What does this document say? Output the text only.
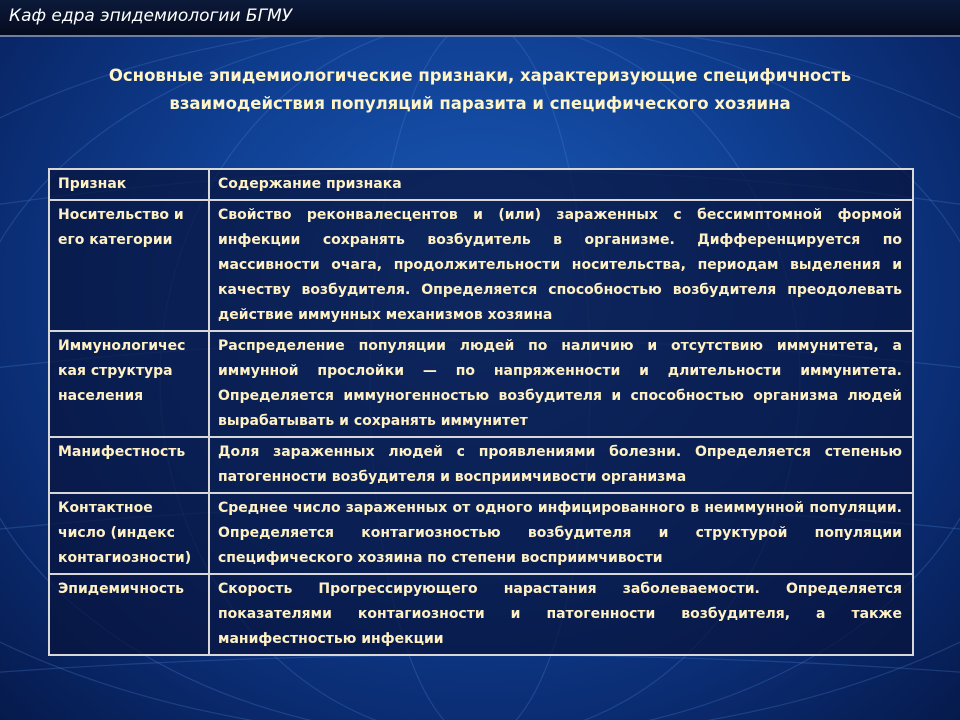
Каф едра эпидемиологии БГМУ
Основные эпидемиологические признаки, характеризующие специфичность
взаимодействия популяций паразита и специфического хозяина
Признак	Содержание признака
Носительство и его категории	Свойство реконвалесцентов и (или) зараженных с бессимптомной формой инфекции сохранять возбудитель в организме. Дифференцируется по массивности очага, продолжительности носительства, периодам выделения и качеству возбудителя. Определяется способностью возбудителя преодолевать действие иммунных механизмов хозяина
Иммунологичес кая структура населения	Распределение популяции людей по наличию и отсутствию иммунитета, а иммунной прослойки — по напряженности и длительности иммунитета. Определяется иммуногенностью возбудителя и способностью организма людей вырабатывать и сохранять иммунитет
Манифестность	Доля зараженных людей с проявлениями болезни. Определяется степенью патогенности возбудителя и восприимчивости организма
Контактное число (индекс контагиозности)	Среднее число зараженных от одного инфицированного в неиммунной популяции. Определяется контагиозностью возбудителя и структурой популяции специфического хозяина по степени восприимчивости
Эпидемичность	Скорость Прогрессирующего нарастания заболеваемости. Определяется показателями контагиозности и патогенности возбудителя, а также манифестностью инфекции
